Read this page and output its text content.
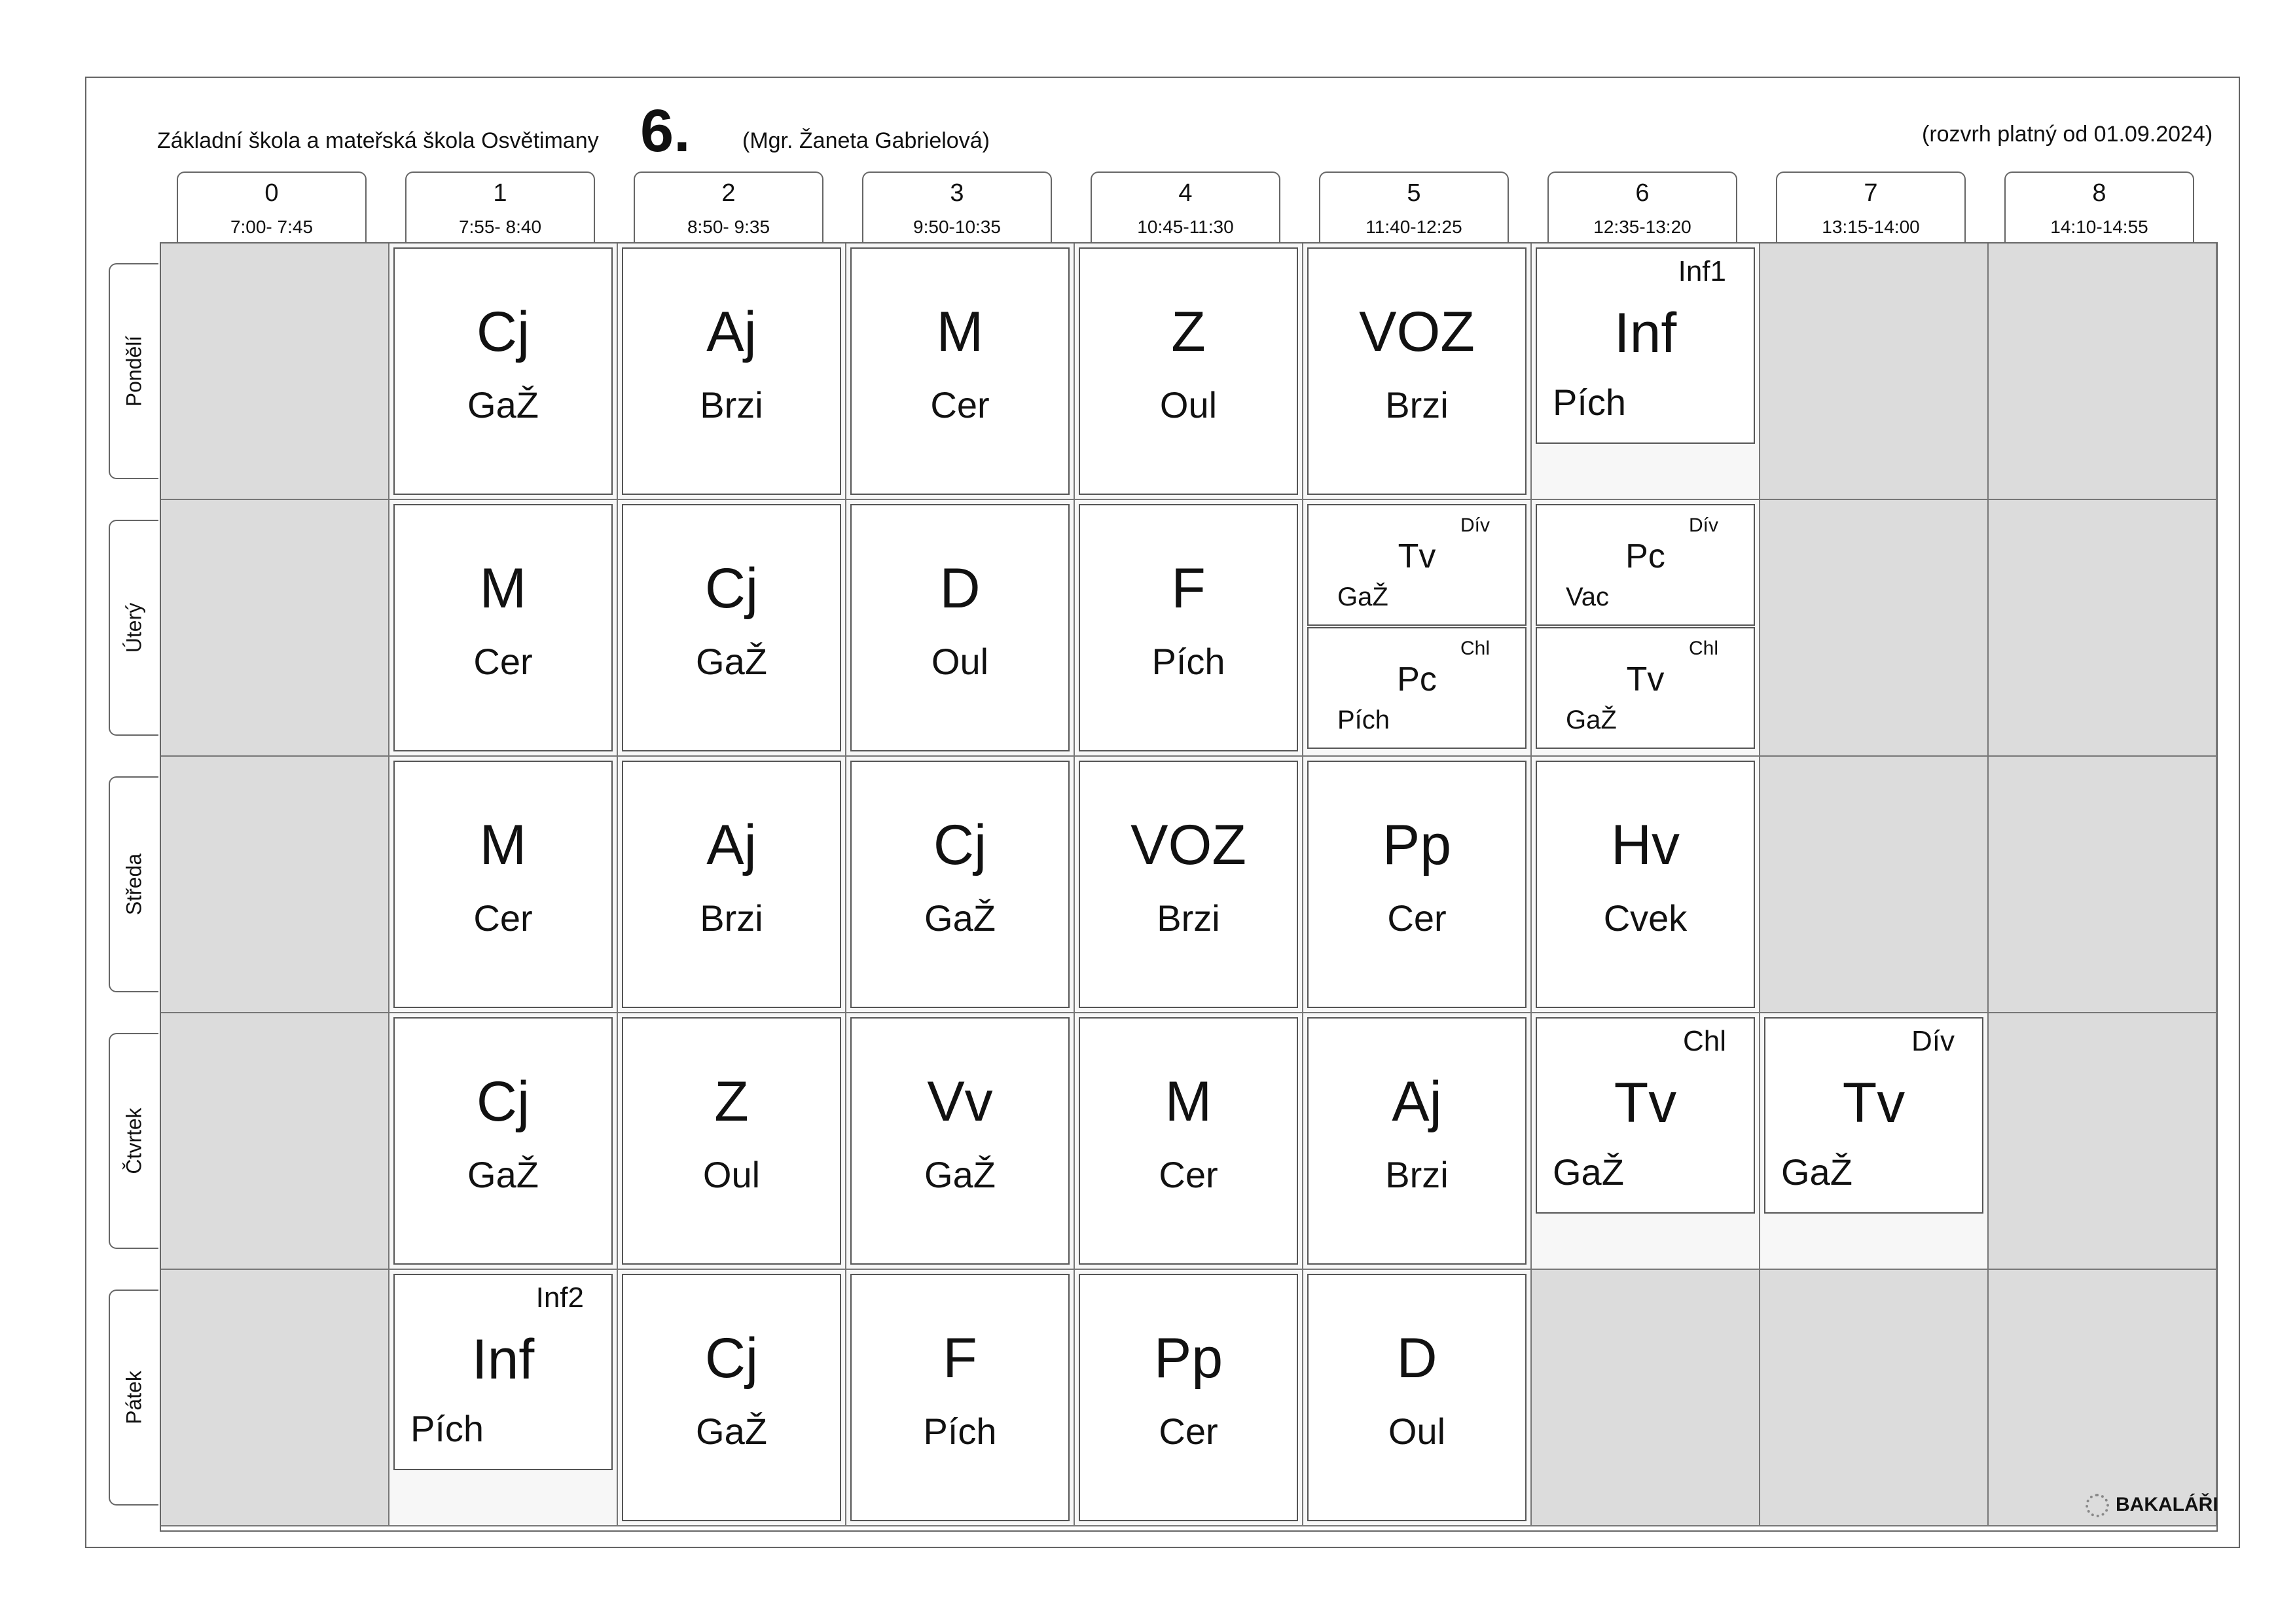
Základní škola a mateřská škola Osvětimany 6. (Mgr. Žaneta Gabrielová)	(rozvrh platný od 01.09.2024)
0
7:00- 7:45
1
7:55- 8:40
2
8:50- 9:35
3
9:50-10:35
4
10:45-11:30
5
11:40-12:25
6
12:35-13:20
7
13:15-14:00
8
14:10-14:55
Pondělí
Úterý
Středa
Čtvrtek
Pátek
Cj
GaŽ
Aj
Brzi
M
Cer
Z
Oul
VOZ
Brzi
Inf1
Inf
Pích
M
Cer
Cj
GaŽ
D
Oul
F
Pích
Tv
GaŽ
Dív
Pc
Pích
Chl
Pc
Vac
Dív
Tv
GaŽ
Chl
M
Cer
Aj
Brzi
Cj
GaŽ
VOZ
Brzi
Pp
Cer
Hv
Cvek
Cj
GaŽ
Z
Oul
Vv
GaŽ
M
Cer
Aj
Brzi
Chl
Tv
GaŽ
Dív
Tv
GaŽ
Inf2
Inf
Pích
Cj
GaŽ
F
Pích
Pp
Cer
D
Oul
BAKALÁŘI
